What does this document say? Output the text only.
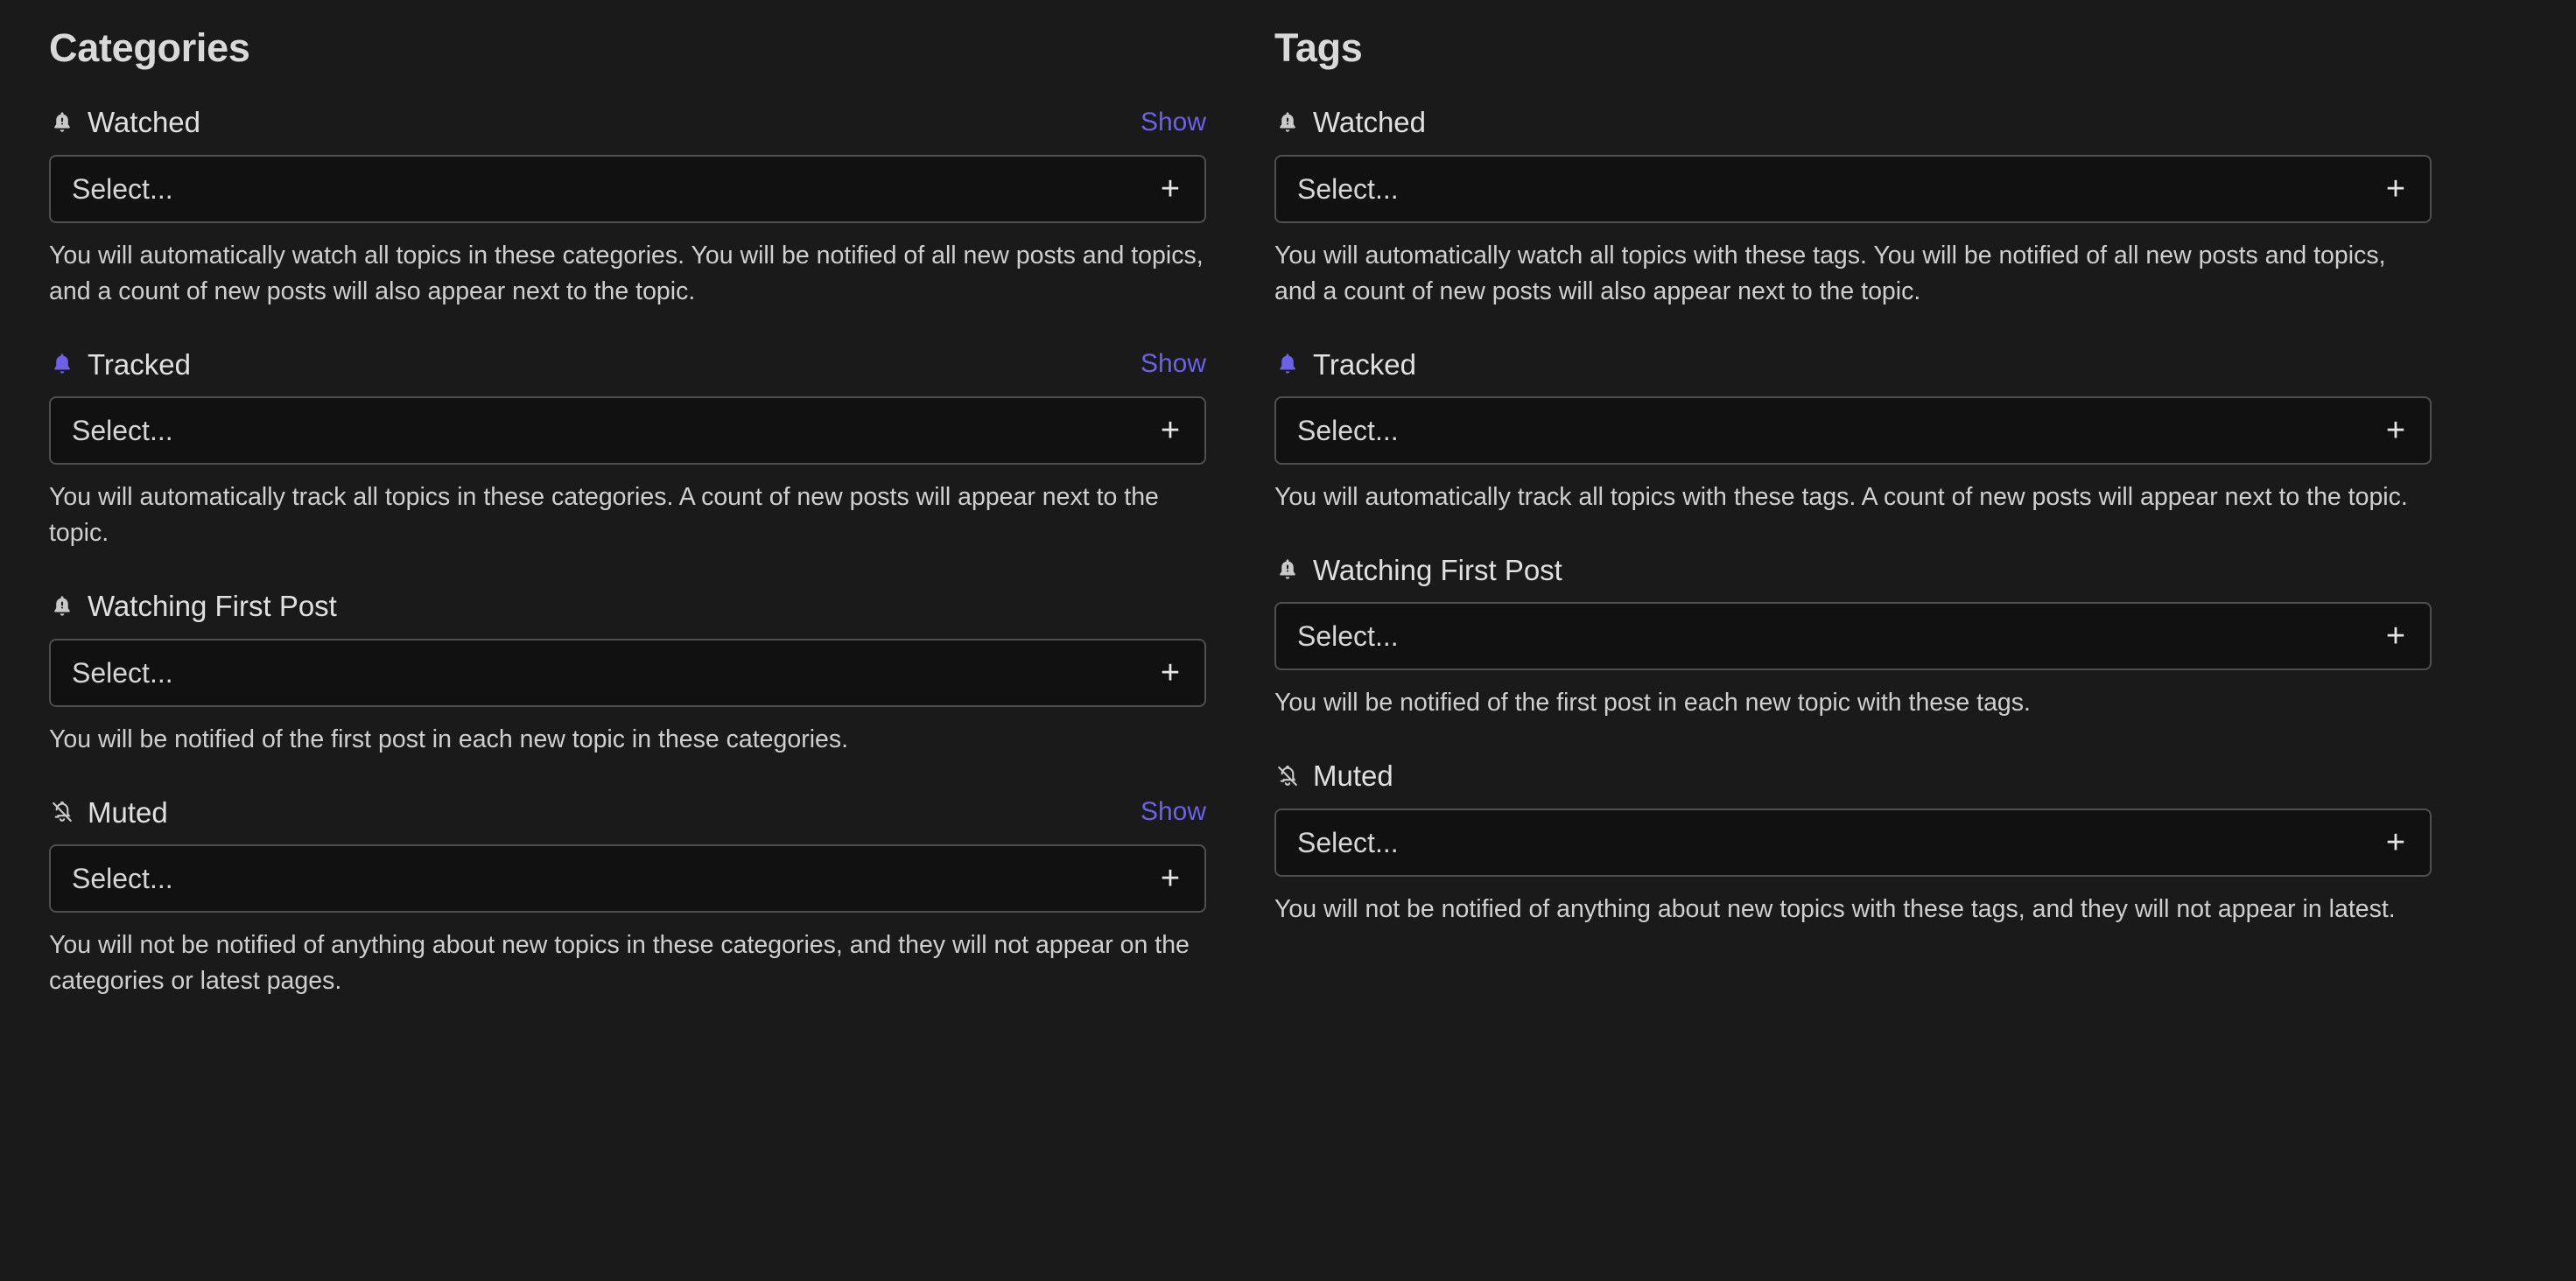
Categories
Watched	Show
Select...	+

You will automatically watch all topics in these categories. You will be notified of all new posts and topics, and a count of new posts will also appear next to the topic.

Tracked	Show
Select...	+

You will automatically track all topics in these categories. A count of new posts will appear next to the topic.

Watching First Post
Select...	+

You will be notified of the first post in each new topic in these categories.

Muted	Show
Select...	+

You will not be notified of anything about new topics in these categories, and they will not appear on the categories or latest pages.

Tags
Watched
Select...	+

You will automatically watch all topics with these tags. You will be notified of all new posts and topics, and a count of new posts will also appear next to the topic.

Tracked
Select...	+

You will automatically track all topics with these tags. A count of new posts will appear next to the topic.

Watching First Post
Select...	+

You will be notified of the first post in each new topic with these tags.

Muted
Select...	+

You will not be notified of anything about new topics with these tags, and they will not appear in latest.
